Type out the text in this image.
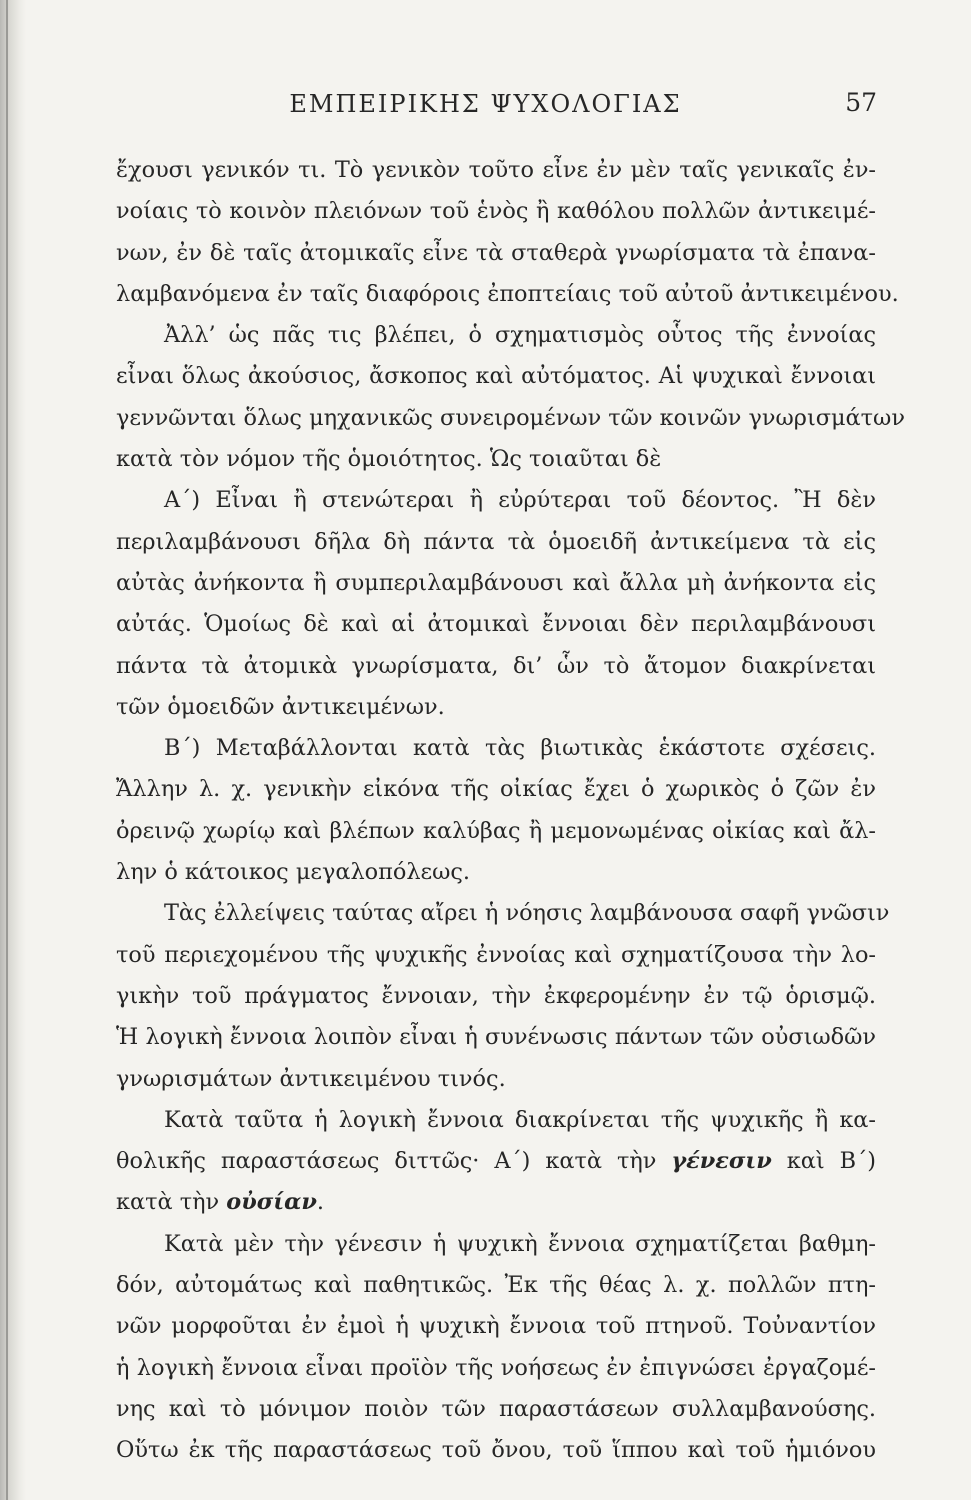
ΕΜΠΕΙΡΙΚΗΣ ΨΥΧΟΛΟΓΙΑΣ	57
ἔχουσι γενικόν τι. Τὸ γενικὸν τοῦτο εἶνε ἐν μὲν ταῖς γενικαῖς ἐν-
νοίαις τὸ κοινὸν πλειόνων τοῦ ἑνὸς ἢ καθόλου πολλῶν ἀντικειμέ-
νων, ἐν δὲ ταῖς ἀτομικαῖς εἶνε τὰ σταθερὰ γνωρίσματα τὰ ἐπανα-
λαμβανόμενα ἐν ταῖς διαφόροις ἐποπτείαις τοῦ αὐτοῦ ἀντικειμένου.
Ἀλλ’ ὡς πᾶς τις βλέπει, ὁ σχηματισμὸς οὗτος τῆς ἐννοίας
εἶναι ὅλως ἀκούσιος, ἄσκοπος καὶ αὐτόματος. Αἱ ψυχικαὶ ἔννοιαι
γεννῶνται ὅλως μηχανικῶς συνειρομένων τῶν κοινῶν γνωρισμάτων
κατὰ τὸν νόμον τῆς ὁμοιότητος. Ὡς τοιαῦται δὲ
Α´) Εἶναι ἢ στενώτεραι ἢ εὐρύτεραι τοῦ δέοντος. Ἢ δὲν
περιλαμβάνουσι δῆλα δὴ πάντα τὰ ὁμοειδῆ ἀντικείμενα τὰ εἰς
αὐτὰς ἀνήκοντα ἢ συμπεριλαμβάνουσι καὶ ἄλλα μὴ ἀνήκοντα εἰς
αὐτάς. Ὁμοίως δὲ καὶ αἱ ἀτομικαὶ ἔννοιαι δὲν περιλαμβάνουσι
πάντα τὰ ἀτομικὰ γνωρίσματα, δι’ ὧν τὸ ἄτομον διακρίνεται
τῶν ὁμοειδῶν ἀντικειμένων.
Β´) Μεταβάλλονται κατὰ τὰς βιωτικὰς ἑκάστοτε σχέσεις.
Ἄλλην λ. χ. γενικὴν εἰκόνα τῆς οἰκίας ἔχει ὁ χωρικὸς ὁ ζῶν ἐν
ὀρεινῷ χωρίῳ καὶ βλέπων καλύβας ἢ μεμονωμένας οἰκίας καὶ ἄλ-
λην ὁ κάτοικος μεγαλοπόλεως.
Τὰς ἐλλείψεις ταύτας αἴρει ἡ νόησις λαμβάνουσα σαφῆ γνῶσιν
τοῦ περιεχομένου τῆς ψυχικῆς ἐννοίας καὶ σχηματίζουσα τὴν λο-
γικὴν τοῦ πράγματος ἔννοιαν, τὴν ἐκφερομένην ἐν τῷ ὁρισμῷ.
Ἡ λογικὴ ἔννοια λοιπὸν εἶναι ἡ συνένωσις πάντων τῶν οὐσιωδῶν
γνωρισμάτων ἀντικειμένου τινός.
Κατὰ ταῦτα ἡ λογικὴ ἔννοια διακρίνεται τῆς ψυχικῆς ἢ κα-
θολικῆς παραστάσεως διττῶς· Α´) κατὰ τὴν γένεσιν καὶ Β´)
κατὰ τὴν οὐσίαν.
Κατὰ μὲν τὴν γένεσιν ἡ ψυχικὴ ἔννοια σχηματίζεται βαθμη-
δόν, αὐτομάτως καὶ παθητικῶς. Ἐκ τῆς θέας λ. χ. πολλῶν πτη-
νῶν μορφοῦται ἐν ἐμοὶ ἡ ψυχικὴ ἔννοια τοῦ πτηνοῦ. Τοὐναντίον
ἡ λογικὴ ἔννοια εἶναι προϊὸν τῆς νοήσεως ἐν ἐπιγνώσει ἐργαζομέ-
νης καὶ τὸ μόνιμον ποιὸν τῶν παραστάσεων συλλαμβανούσης.
Οὕτω ἐκ τῆς παραστάσεως τοῦ ὄνου, τοῦ ἵππου καὶ τοῦ ἡμιόνου
